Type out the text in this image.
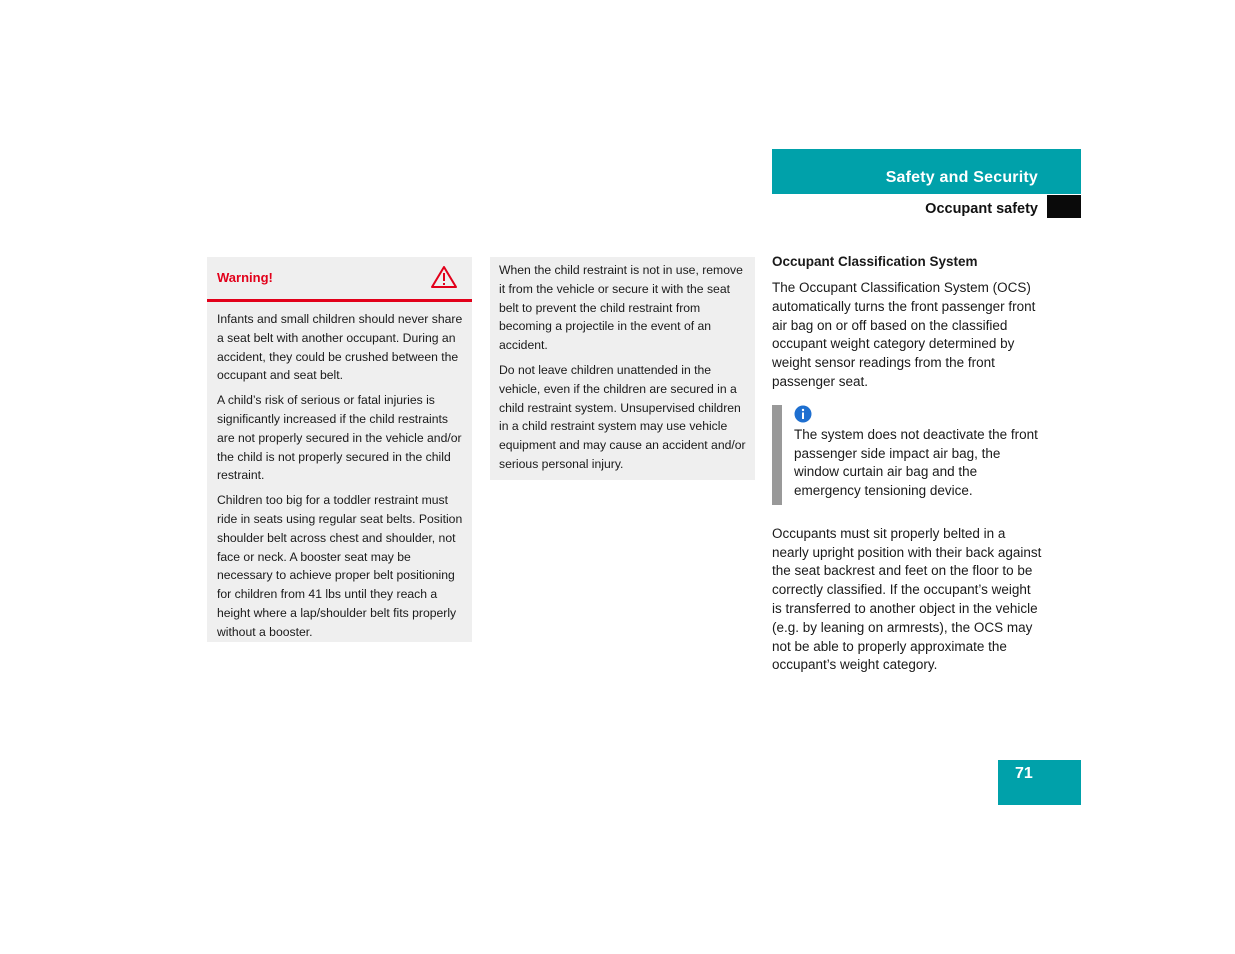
Safety and Security
Occupant safety
Warning!

Infants and small children should never share a seat belt with another occupant. During an accident, they could be crushed between the occupant and seat belt.

A child’s risk of serious or fatal injuries is significantly increased if the child restraints are not properly secured in the vehicle and/or the child is not properly secured in the child restraint.

Children too big for a toddler restraint must ride in seats using regular seat belts. Position shoulder belt across chest and shoulder, not face or neck. A booster seat may be necessary to achieve proper belt positioning for children from 41 lbs until they reach a height where a lap/shoulder belt fits properly without a booster.

When the child restraint is not in use, remove it from the vehicle or secure it with the seat belt to prevent the child restraint from becoming a projectile in the event of an accident.

Do not leave children unattended in the vehicle, even if the children are secured in a child restraint system. Unsupervised children in a child restraint system may use vehicle equipment and may cause an accident and/or serious personal injury.

Occupant Classification System

The Occupant Classification System (OCS) automatically turns the front passenger front air bag on or off based on the classified occupant weight category determined by weight sensor readings from the front passenger seat.

The system does not deactivate the front passenger side impact air bag, the window curtain air bag and the emergency tensioning device.

Occupants must sit properly belted in a nearly upright position with their back against the seat backrest and feet on the floor to be correctly classified. If the occupant’s weight is transferred to another object in the vehicle (e.g. by leaning on armrests), the OCS may not be able to properly approximate the occupant’s weight category.

71
